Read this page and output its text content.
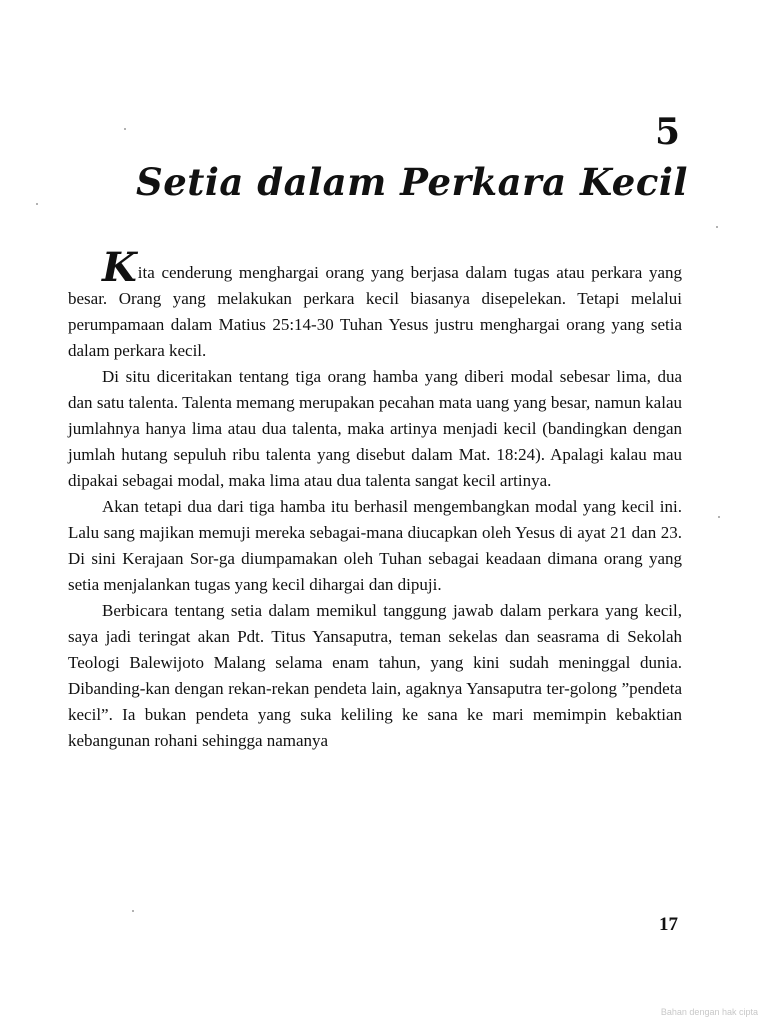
5
Setia dalam Perkara Kecil

Kita cenderung menghargai orang yang berjasa dalam tugas atau perkara yang besar. Orang yang melakukan perkara kecil biasanya disepelekan. Tetapi melalui perumpamaan dalam Matius 25:14-30 Tuhan Yesus justru menghargai orang yang setia dalam perkara kecil.

Di situ diceritakan tentang tiga orang hamba yang diberi modal sebesar lima, dua dan satu talenta. Talenta memang merupakan pecahan mata uang yang besar, namun kalau jumlahnya hanya lima atau dua talenta, maka artinya menjadi kecil (bandingkan dengan jumlah hutang sepuluh ribu talenta yang disebut dalam Mat. 18:24). Apalagi kalau mau dipakai sebagai modal, maka lima atau dua talenta sangat kecil artinya.

Akan tetapi dua dari tiga hamba itu berhasil mengembangkan modal yang kecil ini. Lalu sang majikan memuji mereka sebagai-mana diucapkan oleh Yesus di ayat 21 dan 23. Di sini Kerajaan Sor-ga diumpamakan oleh Tuhan sebagai keadaan dimana orang yang setia menjalankan tugas yang kecil dihargai dan dipuji.

Berbicara tentang setia dalam memikul tanggung jawab dalam perkara yang kecil, saya jadi teringat akan Pdt. Titus Yansaputra, teman sekelas dan seasrama di Sekolah Teologi Balewijoto Malang selama enam tahun, yang kini sudah meninggal dunia. Dibanding-kan dengan rekan-rekan pendeta lain, agaknya Yansaputra ter-golong ”pendeta kecil”. Ia bukan pendeta yang suka keliling ke sana ke mari memimpin kebaktian kebangunan rohani sehingga namanya

17
Bahan dengan hak cipta
